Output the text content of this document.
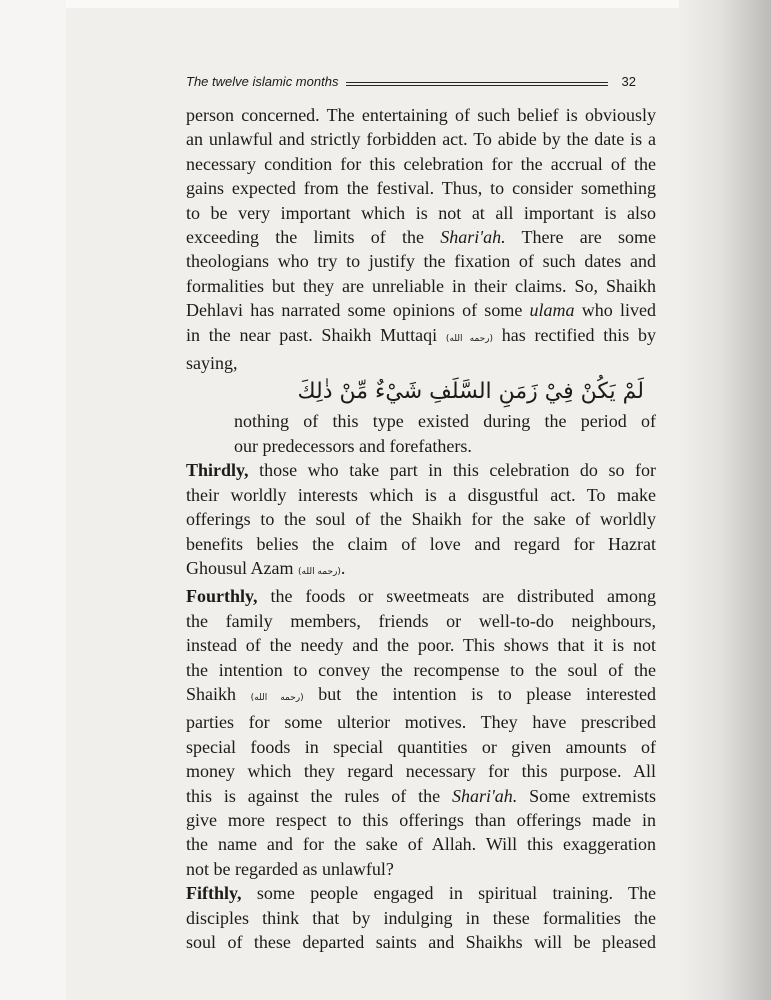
The twelve islamic months	32
person concerned. The entertaining of such belief is obviously
an unlawful and strictly forbidden act. To abide by the date is a
necessary condition for this celebration for the accrual of the
gains expected from the festival. Thus, to consider something
to be very important which is not at all important is also
exceeding the limits of the Shari'ah. There are some
theologians who try to justify the fixation of such dates and
formalities but they are unreliable in their claims. So, Shaikh
Dehlavi has narrated some opinions of some ulama who lived
in the near past. Shaikh Muttaqi (رحمه الله) has rectified this by
saying,
لَمْ يَكُنْ فِيْ زَمَنِ السَّلَفِ شَيْءٌ مِّنْ ذٰلِكَ
nothing of this type existed during the period of
our predecessors and forefathers.
Thirdly, those who take part in this celebration do so for
their worldly interests which is a disgustful act. To make
offerings to the soul of the Shaikh for the sake of worldly
benefits belies the claim of love and regard for Hazrat
Ghousul Azam (رحمه الله).
Fourthly, the foods or sweetmeats are distributed among
the family members, friends or well-to-do neighbours,
instead of the needy and the poor. This shows that it is not
the intention to convey the recompense to the soul of the
Shaikh (رحمه الله) but the intention is to please interested
parties for some ulterior motives. They have prescribed
special foods in special quantities or given amounts of
money which they regard necessary for this purpose. All
this is against the rules of the Shari'ah. Some extremists
give more respect to this offerings than offerings made in
the name and for the sake of Allah. Will this exaggeration
not be regarded as unlawful?
Fifthly, some people engaged in spiritual training. The
disciples think that by indulging in these formalities the
soul of these departed saints and Shaikhs will be pleased
